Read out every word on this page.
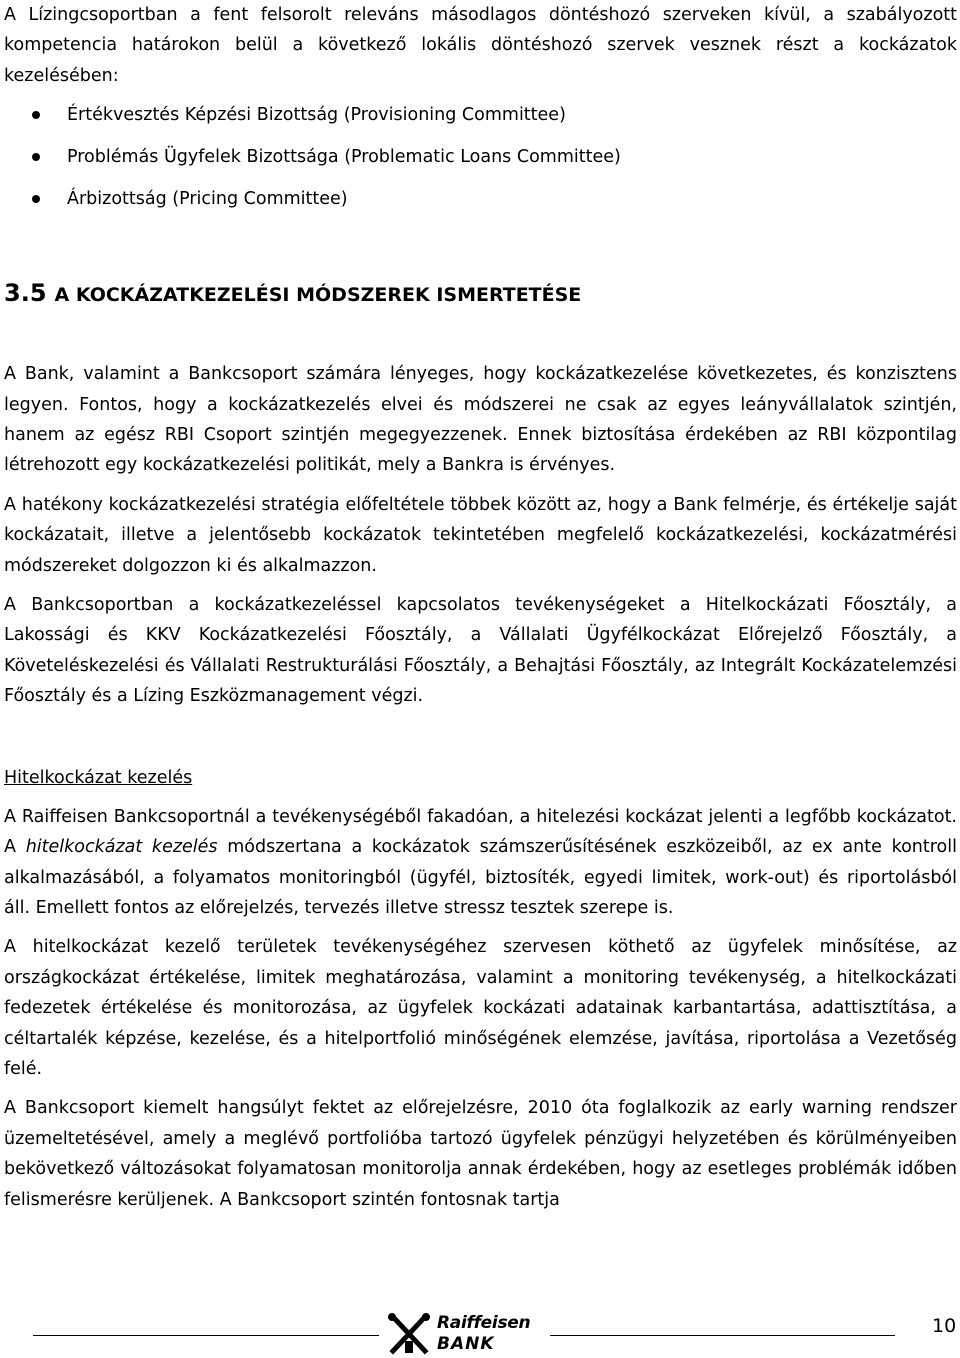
A Lízingcsoportban a fent felsorolt releváns másodlagos döntéshozó szerveken kívül, a szabályozott kompetencia határokon belül a következő lokális döntéshozó szervek vesznek részt a kockázatok kezelésében:

Értékvesztés Képzési Bizottság (Provisioning Committee)
Problémás Ügyfelek Bizottsága (Problematic Loans Committee)
Árbizottság (Pricing Committee)
3.5 A KOCKÁZATKEZELÉSI MÓDSZEREK ISMERTETÉSE

A Bank, valamint a Bankcsoport számára lényeges, hogy kockázatkezelése következetes, és konzisztens legyen. Fontos, hogy a kockázatkezelés elvei és módszerei ne csak az egyes leányvállalatok szintjén, hanem az egész RBI Csoport szintjén megegyezzenek. Ennek biztosítása érdekében az RBI központilag létrehozott egy kockázatkezelési politikát, mely a Bankra is érvényes.

A hatékony kockázatkezelési stratégia előfeltétele többek között az, hogy a Bank felmérje, és értékelje saját kockázatait, illetve a jelentősebb kockázatok tekintetében megfelelő kockázatkezelési, kockázatmérési módszereket dolgozzon ki és alkalmazzon.

A Bankcsoportban a kockázatkezeléssel kapcsolatos tevékenységeket a Hitelkockázati Főosztály, a Lakossági és KKV Kockázatkezelési Főosztály, a Vállalati Ügyfélkockázat Előrejelző Főosztály, a Követeléskezelési és Vállalati Restrukturálási Főosztály, a Behajtási Főosztály, az Integrált Kockázatelemzési Főosztály és a Lízing Eszközmanagement végzi.

Hitelkockázat kezelés

A Raiffeisen Bankcsoportnál a tevékenységéből fakadóan, a hitelezési kockázat jelenti a legfőbb kockázatot. A hitelkockázat kezelés módszertana a kockázatok számszerűsítésének eszközeiből, az ex ante kontroll alkalmazásából, a folyamatos monitoringból (ügyfél, biztosíték, egyedi limitek, work-out) és riportolásból áll. Emellett fontos az előrejelzés, tervezés illetve stressz tesztek szerepe is.

A hitelkockázat kezelő területek tevékenységéhez szervesen köthető az ügyfelek minősítése, az országkockázat értékelése, limitek meghatározása, valamint a monitoring tevékenység, a hitelkockázati fedezetek értékelése és monitorozása, az ügyfelek kockázati adatainak karbantartása, adattisztítása, a céltartalék képzése, kezelése, és a hitelportfolió minőségének elemzése, javítása, riportolása a Vezetőség felé.

A Bankcsoport kiemelt hangsúlyt fektet az előrejelzésre, 2010 óta foglalkozik az early warning rendszer üzemeltetésével, amely a meglévő portfolióba tartozó ügyfelek pénzügyi helyzetében és körülményeiben bekövetkező változásokat folyamatosan monitorolja annak érdekében, hogy az esetleges problémák időben felismerésre kerüljenek. A Bankcsoport szintén fontosnak tartja

Raiffeisen
BANK
10
